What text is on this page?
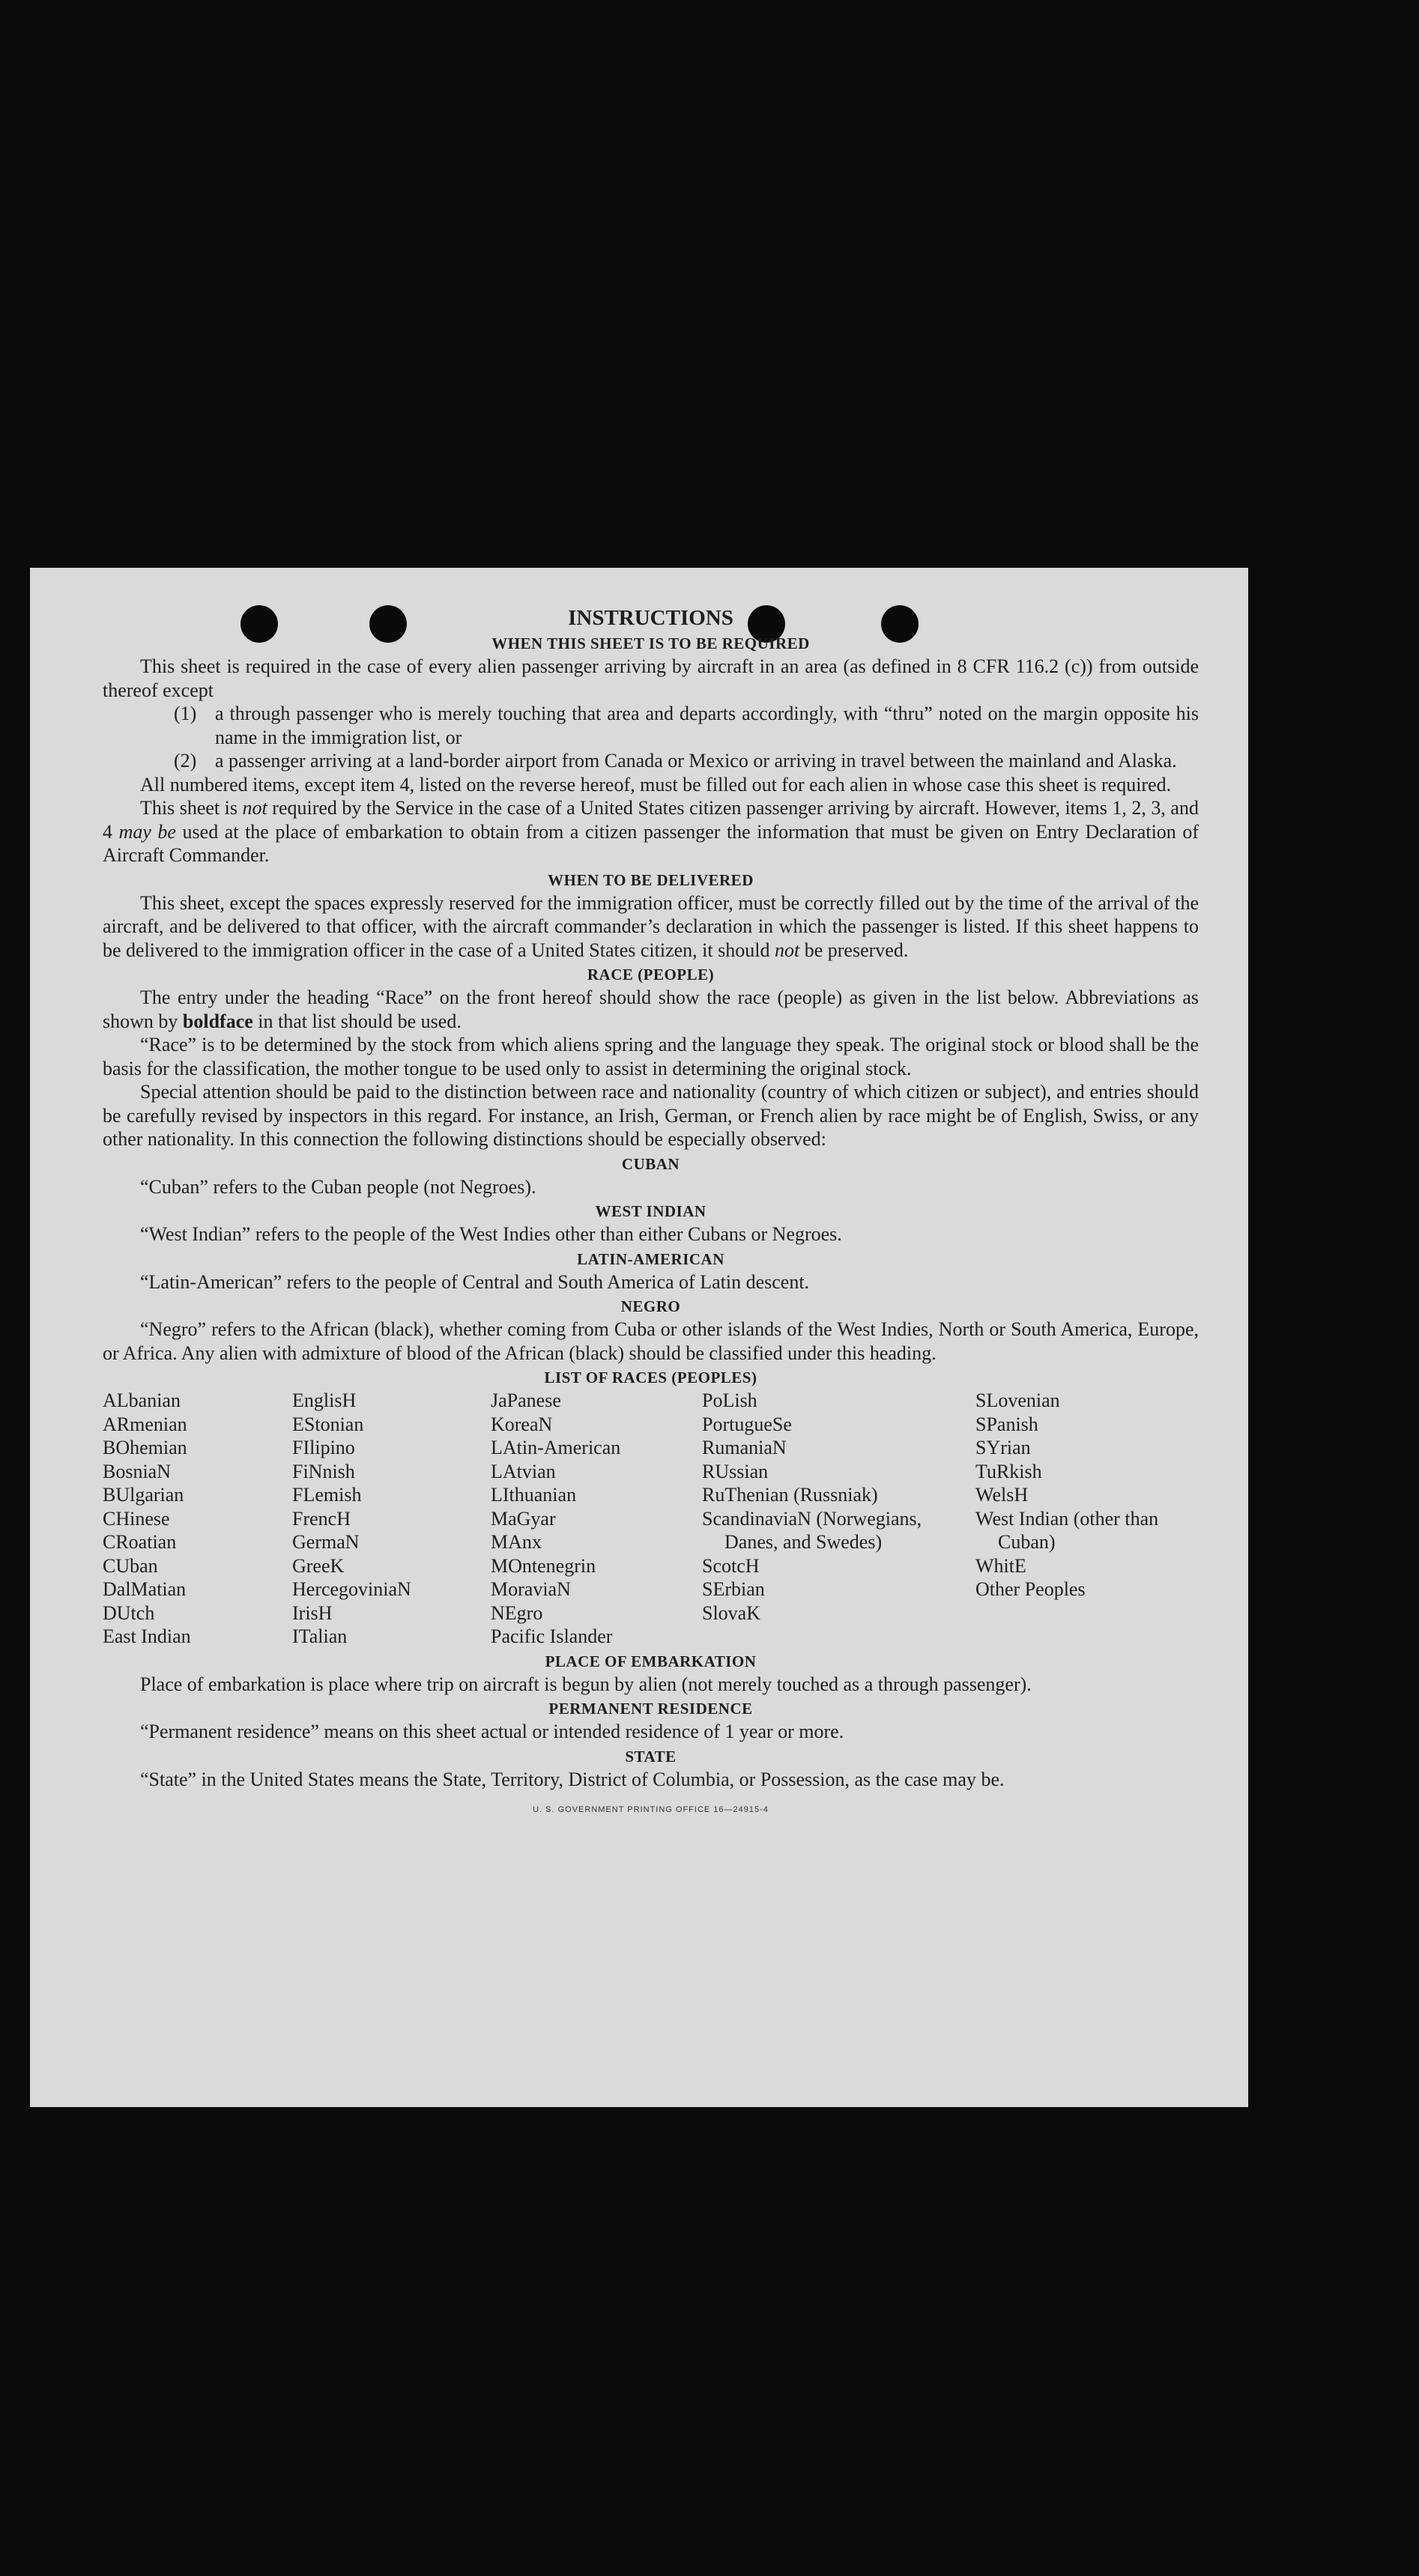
INSTRUCTIONS

WHEN THIS SHEET IS TO BE REQUIRED

This sheet is required in the case of every alien passenger arriving by aircraft in an area (as defined in 8 CFR 116.2 (c)) from outside thereof except

(1) a through passenger who is merely touching that area and departs accordingly, with “thru” noted on the margin opposite his name in the immigration list, or

(2) a passenger arriving at a land-border airport from Canada or Mexico or arriving in travel between the mainland and Alaska.

All numbered items, except item 4, listed on the reverse hereof, must be filled out for each alien in whose case this sheet is required.

This sheet is not required by the Service in the case of a United States citizen passenger arriving by aircraft. However, items 1, 2, 3, and 4 may be used at the place of embarkation to obtain from a citizen passenger the information that must be given on Entry Declaration of Aircraft Commander.

WHEN TO BE DELIVERED

This sheet, except the spaces expressly reserved for the immigration officer, must be correctly filled out by the time of the arrival of the aircraft, and be delivered to that officer, with the aircraft commander’s declaration in which the passenger is listed. If this sheet happens to be delivered to the immigration officer in the case of a United States citizen, it should not be preserved.

RACE (PEOPLE)

The entry under the heading “Race” on the front hereof should show the race (people) as given in the list below. Abbreviations as shown by boldface in that list should be used.

“Race” is to be determined by the stock from which aliens spring and the language they speak. The original stock or blood shall be the basis for the classification, the mother tongue to be used only to assist in determining the original stock.

Special attention should be paid to the distinction between race and nationality (country of which citizen or subject), and entries should be carefully revised by inspectors in this regard. For instance, an Irish, German, or French alien by race might be of English, Swiss, or any other nationality. In this connection the following distinctions should be especially observed:

CUBAN

“Cuban” refers to the Cuban people (not Negroes).

WEST INDIAN

“West Indian” refers to the people of the West Indies other than either Cubans or Negroes.

LATIN-AMERICAN

“Latin-American” refers to the people of Central and South America of Latin descent.

NEGRO

“Negro” refers to the African (black), whether coming from Cuba or other islands of the West Indies, North or South America, Europe, or Africa. Any alien with admixture of blood of the African (black) should be classified under this heading.

LIST OF RACES (PEOPLES)
ALbanian
ARmenian
BOhemian
BosniaN
BUlgarian
CHinese
CRoatian
CUban
DalMatian
DUtch
East Indian
EnglisH
EStonian
FIlipino
FiNnish
FLemish
FrencH
GermaN
GreeK
HercegoviniaN
IrisH
ITalian
JaPanese
KoreaN
LAtin-American
LAtvian
LIthuanian
MaGyar
MAnx
MOntenegrin
MoraviaN
NEgro
Pacific Islander
PoLish
PortugueSe
RumaniaN
RUssian
RuThenian (Russniak)
ScandinaviaN (Norwegians, Danes, and Swedes)
ScotcH
SErbian
SlovaK
SLovenian
SPanish
SYrian
TuRkish
WelsH
West Indian (other than Cuban)
WhitE
Other Peoples
PLACE OF EMBARKATION

Place of embarkation is place where trip on aircraft is begun by alien (not merely touched as a through passenger).

PERMANENT RESIDENCE

“Permanent residence” means on this sheet actual or intended residence of 1 year or more.

STATE

“State” in the United States means the State, Territory, District of Columbia, or Possession, as the case may be.

U. S. GOVERNMENT PRINTING OFFICE 16—24915-4
